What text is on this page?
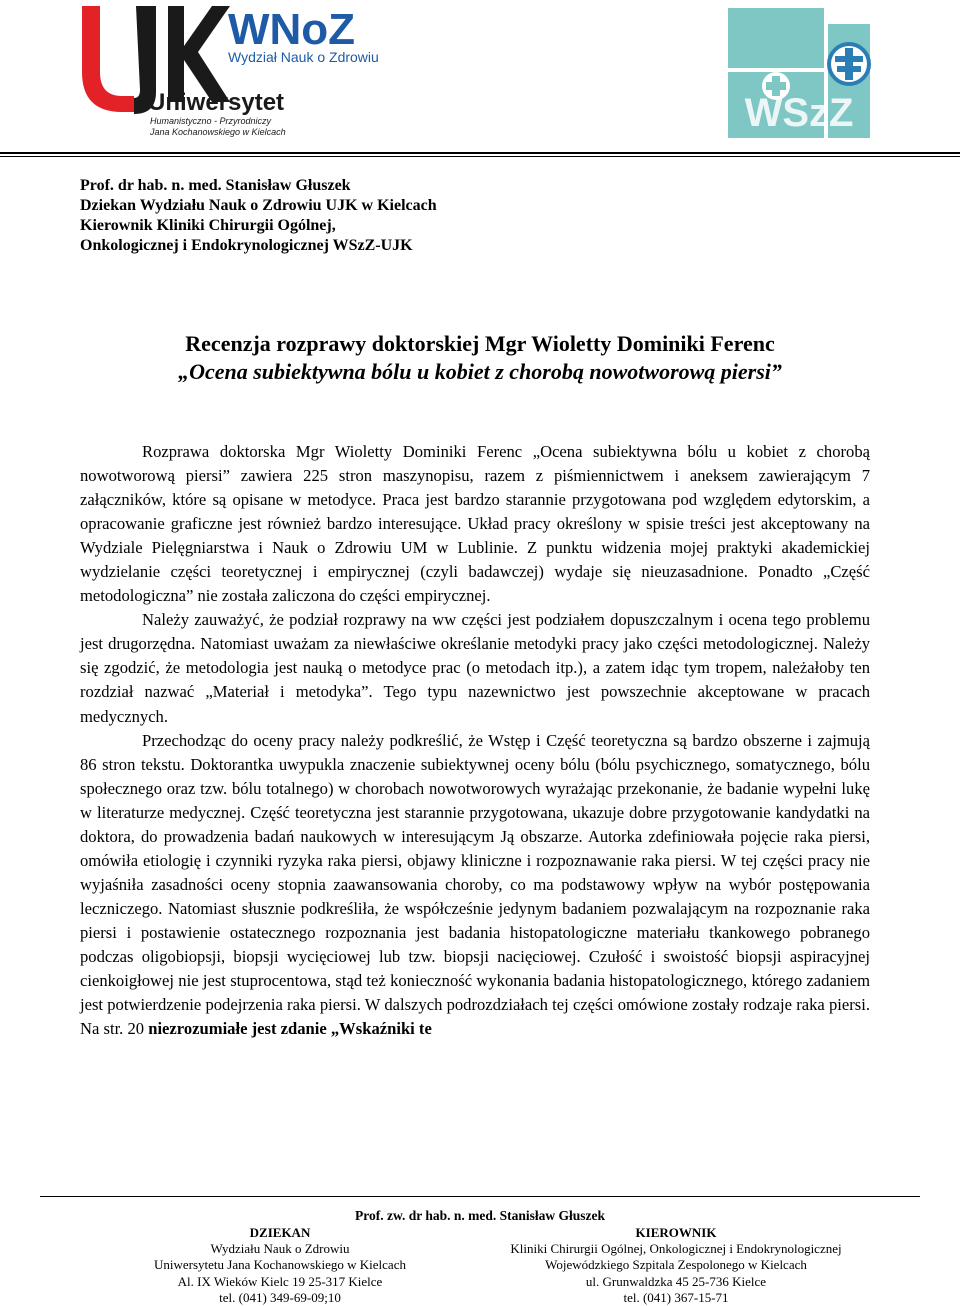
WNoZ
Wydział Nauk o Zdrowiu
Uniwersytet
Humanistyczno - Przyrodniczy
Jana Kochanowskiego w Kielcach	WSzZ
Prof. dr hab. n. med. Stanisław Głuszek
Dziekan Wydziału Nauk o Zdrowiu UJK w Kielcach
Kierownik Kliniki Chirurgii Ogólnej,
Onkologicznej i Endokrynologicznej WSzZ-UJK
Recenzja rozprawy doktorskiej Mgr Wioletty Dominiki Ferenc
„Ocena subiektywna bólu u kobiet z chorobą nowotworową piersi”

Rozprawa doktorska Mgr Wioletty Dominiki Ferenc „Ocena subiektywna bólu u kobiet z chorobą nowotworową piersi” zawiera 225 stron maszynopisu, razem z piśmiennictwem i aneksem zawierającym 7 załączników, które są opisane w metodyce. Praca jest bardzo starannie przygotowana pod względem edytorskim, a opracowanie graficzne jest również bardzo interesujące. Układ pracy określony w spisie treści jest akceptowany na Wydziale Pielęgniarstwa i Nauk o Zdrowiu UM w Lublinie. Z punktu widzenia mojej praktyki akademickiej wydzielanie części teoretycznej i empirycznej (czyli badawczej) wydaje się nieuzasadnione. Ponadto „Część metodologiczna” nie została zaliczona do części empirycznej.

Należy zauważyć, że podział rozprawy na ww części jest podziałem dopuszczalnym i ocena tego problemu jest drugorzędna. Natomiast uważam za niewłaściwe określanie metodyki pracy jako części metodologicznej. Należy się zgodzić, że metodologia jest nauką o metodyce prac (o metodach itp.), a zatem idąc tym tropem, należałoby ten rozdział nazwać „Materiał i metodyka”. Tego typu nazewnictwo jest powszechnie akceptowane w pracach medycznych.

Przechodząc do oceny pracy należy podkreślić, że Wstęp i Część teoretyczna są bardzo obszerne i zajmują 86 stron tekstu. Doktorantka uwypukla znaczenie subiektywnej oceny bólu (bólu psychicznego, somatycznego, bólu społecznego oraz tzw. bólu totalnego) w chorobach nowotworowych wyrażając przekonanie, że badanie wypełni lukę w literaturze medycznej. Część teoretyczna jest starannie przygotowana, ukazuje dobre przygotowanie kandydatki na doktora, do prowadzenia badań naukowych w interesującym Ją obszarze. Autorka zdefiniowała pojęcie raka piersi, omówiła etiologię i czynniki ryzyka raka piersi, objawy kliniczne i rozpoznawanie raka piersi. W tej części pracy nie wyjaśniła zasadności oceny stopnia zaawansowania choroby, co ma podstawowy wpływ na wybór postępowania leczniczego. Natomiast słusznie podkreśliła, że współcześnie jedynym badaniem pozwalającym na rozpoznanie raka piersi i postawienie ostatecznego rozpoznania jest badania histopatologiczne materiału tkankowego pobranego podczas oligobiopsji, biopsji wycięciowej lub tzw. biopsji nacięciowej. Czułość i swoistość biopsji aspiracyjnej cienkoigłowej nie jest stuprocentowa, stąd też konieczność wykonania badania histopatologicznego, którego zadaniem jest potwierdzenie podejrzenia raka piersi. W dalszych podrozdziałach tej części omówione zostały rodzaje raka piersi. Na str. 20 niezrozumiałe jest zdanie „Wskaźniki te

Prof. zw. dr hab. n. med. Stanisław Głuszek
DZIEKAN
Wydziału Nauk o Zdrowiu
Uniwersytetu Jana Kochanowskiego w Kielcach
Al. IX Wieków Kielc 19 25-317 Kielce
tel. (041) 349-69-09;10
KIEROWNIK
Kliniki Chirurgii Ogólnej, Onkologicznej i Endokrynologicznej
Wojewódzkiego Szpitala Zespolonego w Kielcach
ul. Grunwaldzka 45 25-736 Kielce
tel. (041) 367-15-71
